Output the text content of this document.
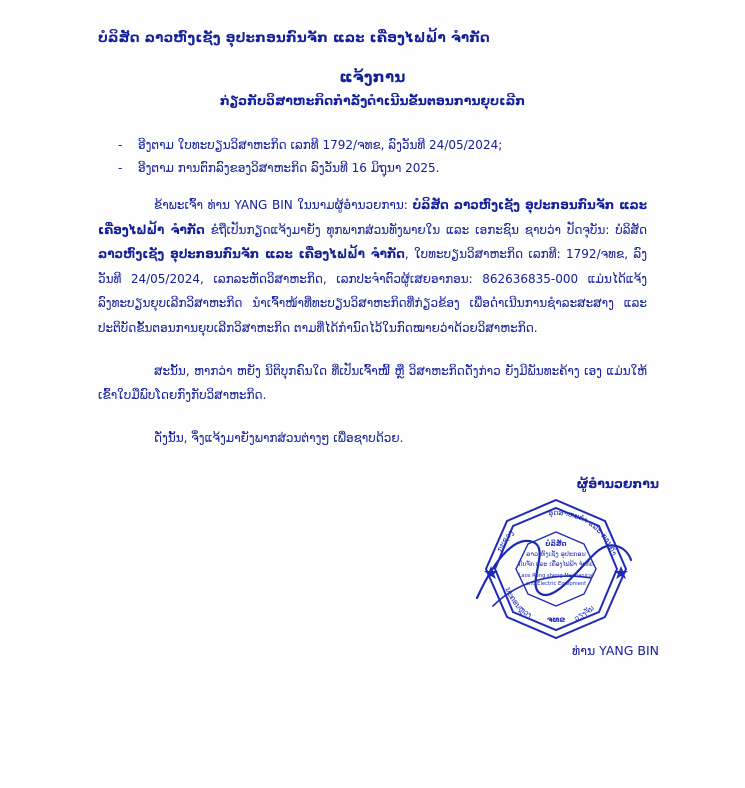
ບໍລິສັດ ລາວຫົງເຊັງ ອຸປະກອນກົນຈັກ ແລະ ເຄື່ອງໄຟຟ້າ ຈຳກັດ
ແຈ້ງການ
ກ່ຽວກັບວິສາຫະກິດກຳລັງດຳເນີນຂັ້ນຕອນການຍຸບເລີກ
-	ອີງຕາມ ໃບທະບຽນວິສາຫະກິດ ເລກທີ 1792/ຈທຂ, ລົງວັນທີ 24/05/2024;
-	ອີງຕາມ ການຕົກລົງຂອງວິສາຫະກິດ ລົງວັນທີ 16 ມິຖຸນາ 2025.
ຂ້າພະເຈົ້າ ທ່ານ YANG BIN ໃນນາມຜູ້ອຳນວຍການ: ບໍລິສັດ ລາວຫົງເຊັງ ອຸປະກອນກົນຈັກ ແລະ ເຄື່ອງໄຟຟ້າ ຈຳກັດ ຂໍຖືເປັນກຽດແຈ້ງມາຍັງ ທຸກພາກສ່ວນທັງພາຍໃນ ແລະ ເອກະຊົນ ຊາບວ່າ ປັດຈຸບັນ: ບໍລິສັດ ລາວຫົງເຊັງ ອຸປະກອນກົນຈັກ ແລະ ເຄື່ອງໄຟຟ້າ ຈຳກັດ, ໃບທະບຽນວິສາຫະກິດ ເລກທີ: 1792/ຈທຂ, ລົງວັນທີ 24/05/2024, ເລກລະຫັດວິສາຫະກິດ, ເລກປະຈຳຕົວຜູ້ເສຍອາກອນ: 862636835-000 ແມ່ນໄດ້ແຈ້ງລົງທະບຽນຍຸບເລີກວິສາຫະກິດ ນຳເຈົ້າໜ້າທີ່ທະບຽນວິສາຫະກິດທີ່ກ່ຽວຂ້ອງ ເພື່ອດຳເນີນການຊຳລະສະສາງ ແລະ ປະຕິບັດຂັ້ນຕອນການຍຸບເລີກວິສາຫະກິດ ຕາມທີ່ໄດ້ກຳນົດໄວ້ໃນກົດໝາຍວ່າດ້ວຍວິສາຫະກິດ.
ສະນັ້ນ, ຫາກວ່າ ຫຍັງ ນິຕິບຸກຄົນໃດ ທີ່ເປັນເຈົ້າໜີ້ ຫຼື ວິສາຫະກິດດັ່ງກ່າວ ຍັງມີພັນທະຄ້າງ ເອງ ແມ່ນໃຫ້ເຂົ້າໃບມືພົບໂດຍກົງກັບວິສາຫະກິດ.
ດັ່ງນັ້ນ, ຈຶ່ງແຈ້ງມາຍັງພາກສ່ວນຕ່າງໆ ເພື່ອຊາບດ້ວຍ.
ຜູ້ອຳນວຍການ
ກະຊວງ
ອຸດສາຫະກຳ ແລະ ການຄ້າ
ນະຄອນຫຼວງ	ວຽງຈັນ
ບໍລິສັດ
ລາວ ຫົງເຊັງ ອຸປະກອນ
ກົນຈັກ ແລະ ເຄື່ອງໄຟຟ້າ ຈຳກັດ
Laos Rong sheng Mechanical
and Electric Equipment
ຈທຂ
ທ່ານ YANG BIN
